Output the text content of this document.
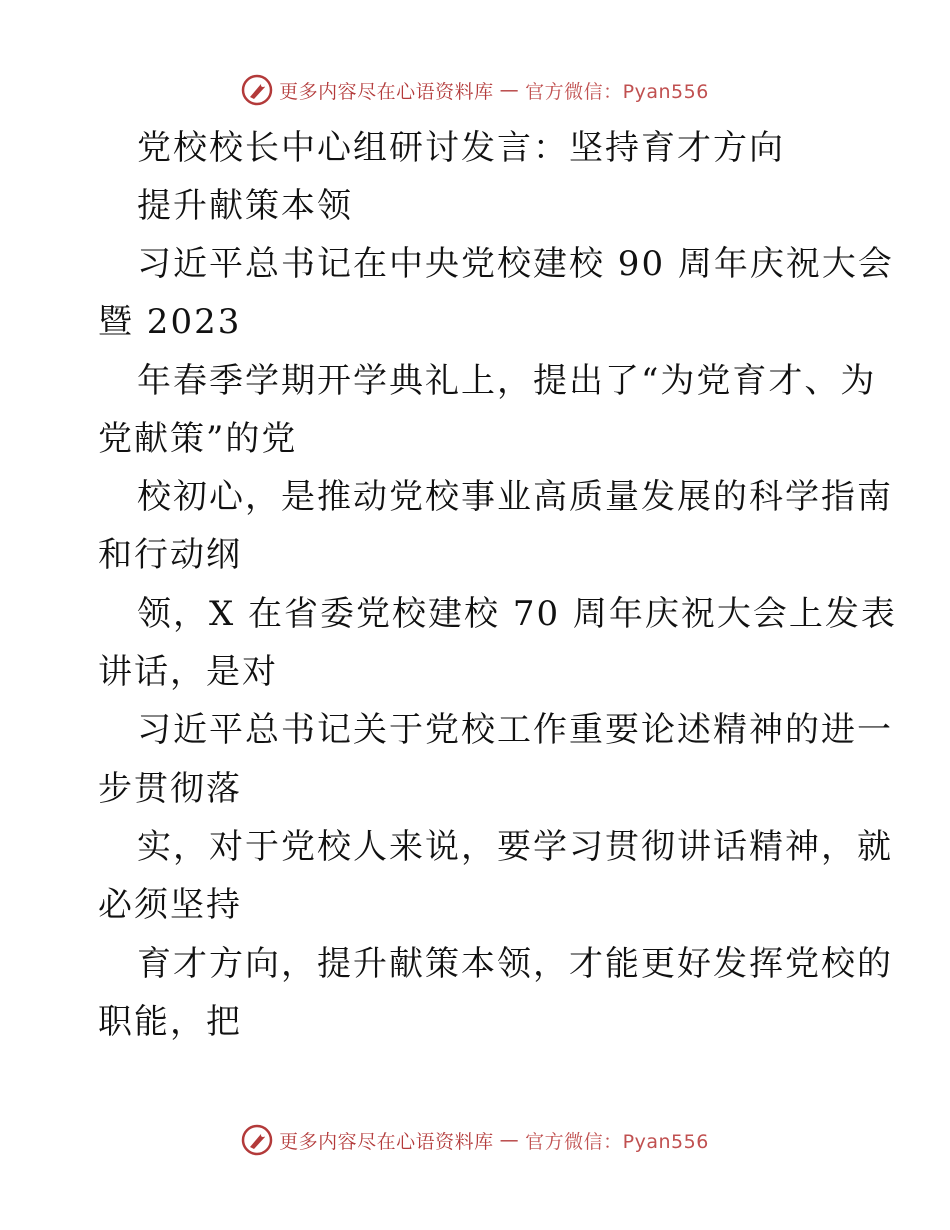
更多内容尽在心语资料库 — 官方微信：Pyan556
党校校长中心组研讨发言：坚持育才方向
提升献策本领
习近平总书记在中央党校建校 90 周年庆祝大会
暨 2023
年春季学期开学典礼上，提出了“为党育才、为
党献策”的党
校初心，是推动党校事业高质量发展的科学指南
和行动纲
领，X 在省委党校建校 70 周年庆祝大会上发表
讲话，是对
习近平总书记关于党校工作重要论述精神的进一
步贯彻落
实，对于党校人来说，要学习贯彻讲话精神，就
必须坚持
育才方向，提升献策本领，才能更好发挥党校的
职能，把
更多内容尽在心语资料库 — 官方微信：Pyan556
